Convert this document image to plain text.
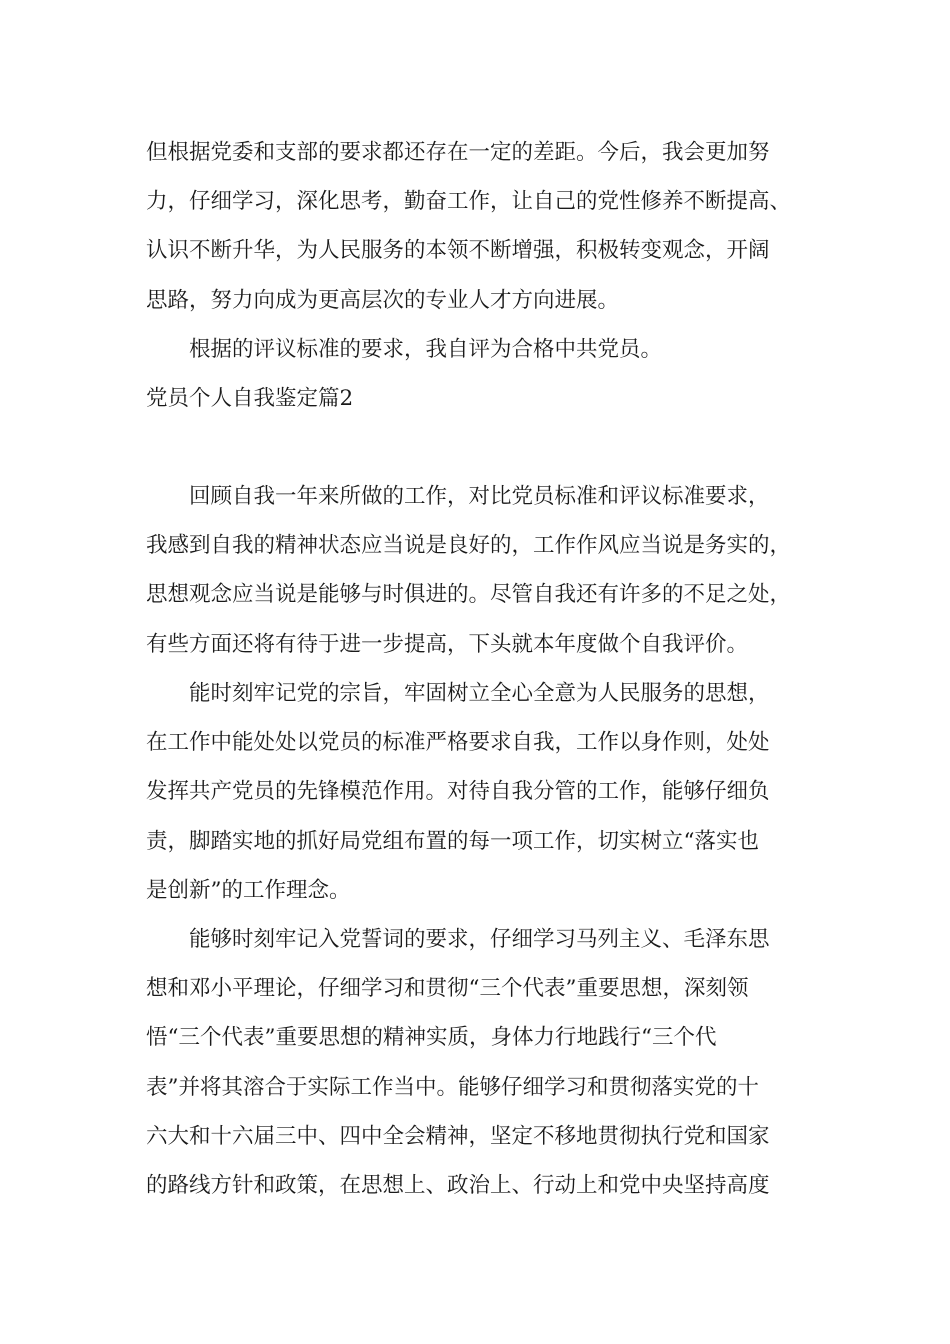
但根据党委和支部的要求都还存在一定的差距。今后，我会更加努
力，仔细学习，深化思考，勤奋工作，让自己的党性修养不断提高、
认识不断升华，为人民服务的本领不断增强，积极转变观念，开阔
思路，努力向成为更高层次的专业人才方向进展。
根据的评议标准的要求，我自评为合格中共党员。
党员个人自我鉴定篇2
回顾自我一年来所做的工作，对比党员标准和评议标准要求，
我感到自我的精神状态应当说是良好的，工作作风应当说是务实的，
思想观念应当说是能够与时俱进的。尽管自我还有许多的不足之处，
有些方面还将有待于进一步提高，下头就本年度做个自我评价。
能时刻牢记党的宗旨，牢固树立全心全意为人民服务的思想，
在工作中能处处以党员的标准严格要求自我，工作以身作则，处处
发挥共产党员的先锋模范作用。对待自我分管的工作，能够仔细负
责，脚踏实地的抓好局党组布置的每一项工作，切实树立“落实也
是创新”的工作理念。
能够时刻牢记入党誓词的要求，仔细学习马列主义、毛泽东思
想和邓小平理论，仔细学习和贯彻“三个代表”重要思想，深刻领
悟“三个代表”重要思想的精神实质，身体力行地践行“三个代
表”并将其溶合于实际工作当中。能够仔细学习和贯彻落实党的十
六大和十六届三中、四中全会精神，坚定不移地贯彻执行党和国家
的路线方针和政策，在思想上、政治上、行动上和党中央坚持高度
